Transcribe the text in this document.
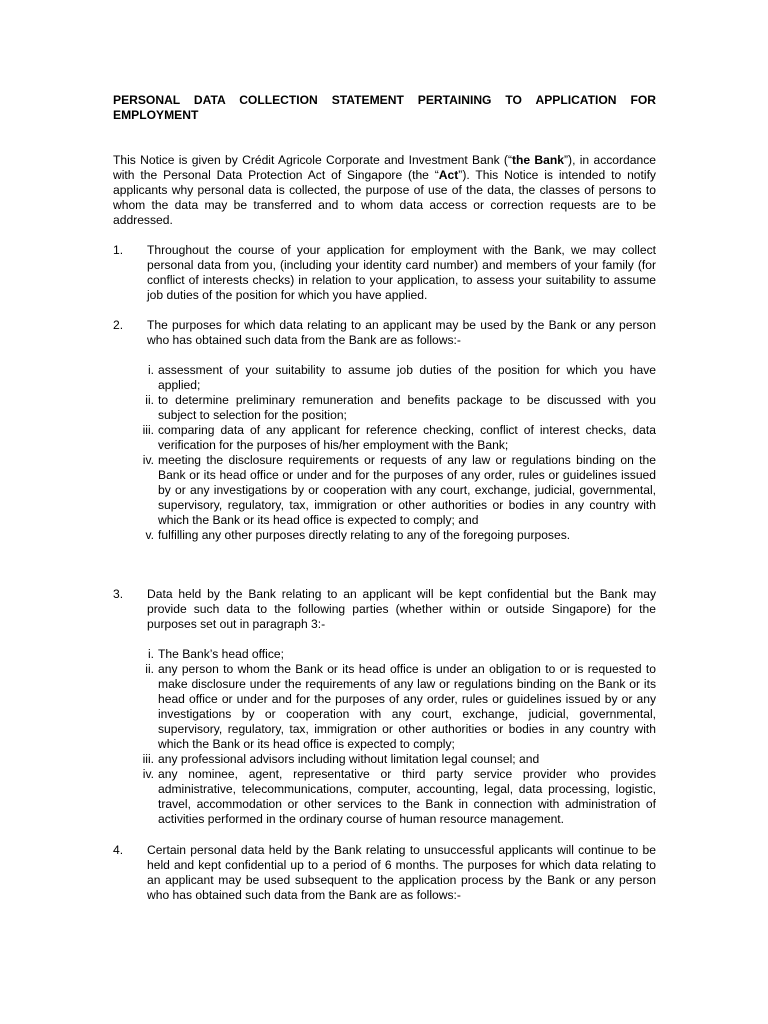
PERSONAL DATA COLLECTION STATEMENT PERTAINING TO APPLICATION FOR EMPLOYMENT

This Notice is given by Crédit Agricole Corporate and Investment Bank (“the Bank”), in accordance with the Personal Data Protection Act of Singapore (the “Act”). This Notice is intended to notify applicants why personal data is collected, the purpose of use of the data, the classes of persons to whom the data may be transferred and to whom data access or correction requests are to be addressed.
1. Throughout the course of your application for employment with the Bank, we may collect personal data from you, (including your identity card number) and members of your family (for conflict of interests checks) in relation to your application, to assess your suitability to assume job duties of the position for which you have applied.
2. The purposes for which data relating to an applicant may be used by the Bank or any person who has obtained such data from the Bank are as follows:-
i. assessment of your suitability to assume job duties of the position for which you have applied;
ii. to determine preliminary remuneration and benefits package to be discussed with you subject to selection for the position;
iii. comparing data of any applicant for reference checking, conflict of interest checks, data verification for the purposes of his/her employment with the Bank;
iv. meeting the disclosure requirements or requests of any law or regulations binding on the Bank or its head office or under and for the purposes of any order, rules or guidelines issued by or any investigations by or cooperation with any court, exchange, judicial, governmental, supervisory, regulatory, tax, immigration or other authorities or bodies in any country with which the Bank or its head office is expected to comply; and
v. fulfilling any other purposes directly relating to any of the foregoing purposes.
3. Data held by the Bank relating to an applicant will be kept confidential but the Bank may provide such data to the following parties (whether within or outside Singapore) for the purposes set out in paragraph 3:-
i. The Bank’s head office;
ii. any person to whom the Bank or its head office is under an obligation to or is requested to make disclosure under the requirements of any law or regulations binding on the Bank or its head office or under and for the purposes of any order, rules or guidelines issued by or any investigations by or cooperation with any court, exchange, judicial, governmental, supervisory, regulatory, tax, immigration or other authorities or bodies in any country with which the Bank or its head office is expected to comply;
iii. any professional advisors including without limitation legal counsel; and
iv. any nominee, agent, representative or third party service provider who provides administrative, telecommunications, computer, accounting, legal, data processing, logistic, travel, accommodation or other services to the Bank in connection with administration of activities performed in the ordinary course of human resource management.
4. Certain personal data held by the Bank relating to unsuccessful applicants will continue to be held and kept confidential up to a period of 6 months. The purposes for which data relating to an applicant may be used subsequent to the application process by the Bank or any person who has obtained such data from the Bank are as follows:-
